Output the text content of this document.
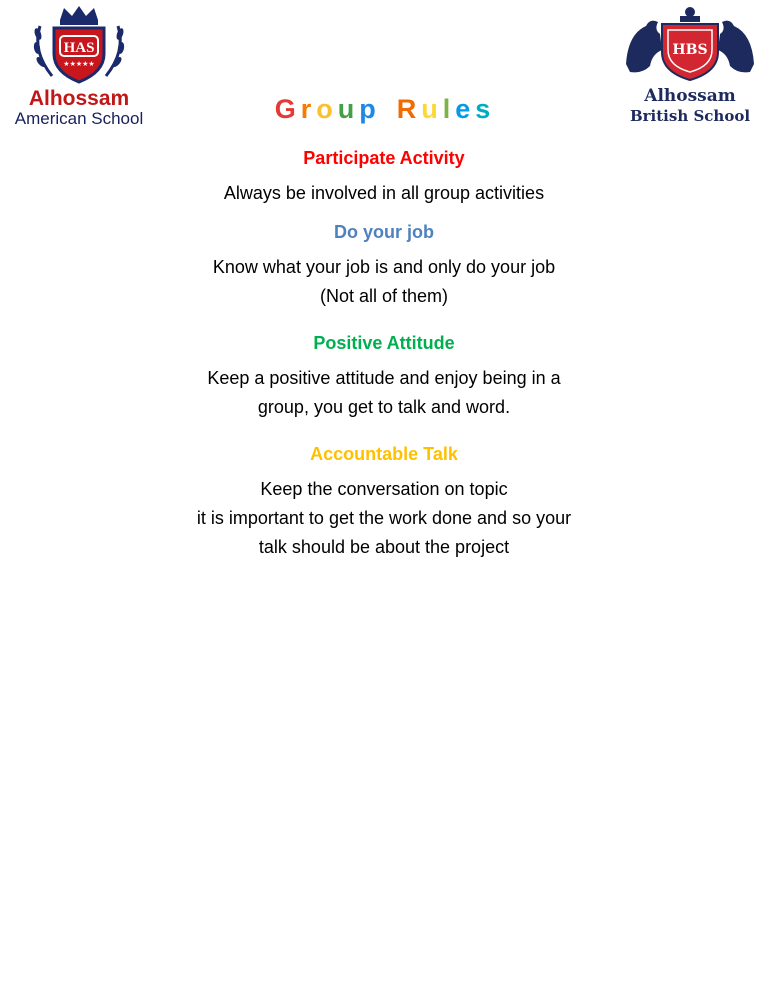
HAS
★★★★★
Alhossam
American School
HBS
Alhossam
British School
Group Rules
Participate Activity

Always be involved in all group activities

Do your job

Know what your job is and only do your job

(Not all of them)

Positive Attitude

Keep a positive attitude and enjoy being in a

group, you get to talk and word.

Accountable Talk

Keep the conversation on topic

it is important to get the work done and so your

talk should be about the project
